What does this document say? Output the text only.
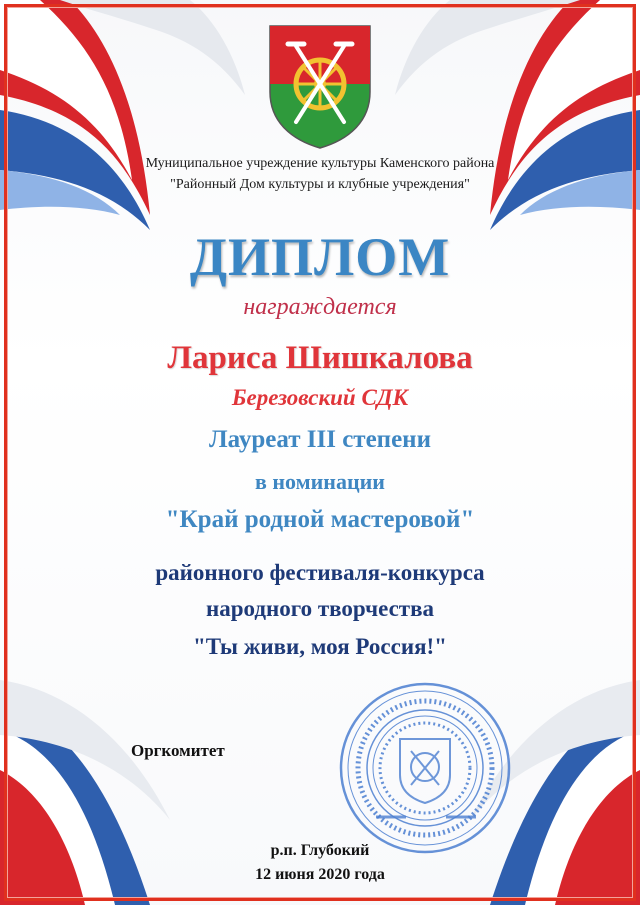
Муниципальное учреждение культуры Каменского района
"Районный Дом культуры и клубные учреждения"
ДИПЛОМ
награждается
Лариса Шишкалова
Березовский СДК
Лауреат III степени
в номинации
"Край родной мастеровой"
районного фестиваля-конкурса
народного творчества
"Ты живи, моя Россия!"
Оргкомитет
р.п. Глубокий
12 июня 2020 года
